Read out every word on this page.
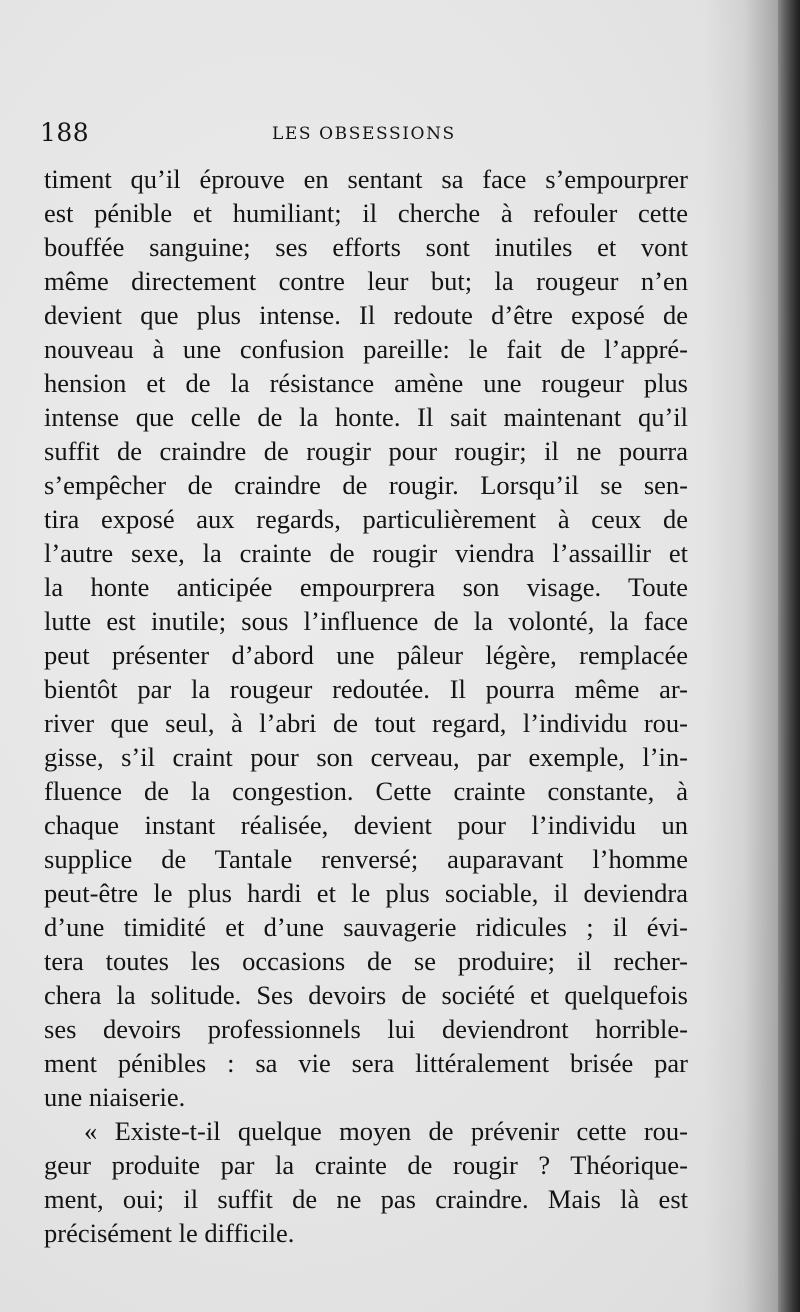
188	LES OBSESSIONS
timent qu’il éprouve en sentant sa face s’empourprer
est pénible et humiliant; il cherche à refouler cette
bouffée sanguine; ses efforts sont inutiles et vont
même directement contre leur but; la rougeur n’en
devient que plus intense. Il redoute d’être exposé de
nouveau à une confusion pareille: le fait de l’appré-
hension et de la résistance amène une rougeur plus
intense que celle de la honte. Il sait maintenant qu’il
suffit de craindre de rougir pour rougir; il ne pourra
s’empêcher de craindre de rougir. Lorsqu’il se sen-
tira exposé aux regards, particulièrement à ceux de
l’autre sexe, la crainte de rougir viendra l’assaillir et
la honte anticipée empourprera son visage. Toute
lutte est inutile; sous l’influence de la volonté, la face
peut présenter d’abord une pâleur légère, remplacée
bientôt par la rougeur redoutée. Il pourra même ar-
river que seul, à l’abri de tout regard, l’individu rou-
gisse, s’il craint pour son cerveau, par exemple, l’in-
fluence de la congestion. Cette crainte constante, à
chaque instant réalisée, devient pour l’individu un
supplice de Tantale renversé; auparavant l’homme
peut-être le plus hardi et le plus sociable, il deviendra
d’une timidité et d’une sauvagerie ridicules ; il évi-
tera toutes les occasions de se produire; il recher-
chera la solitude. Ses devoirs de société et quelquefois
ses devoirs professionnels lui deviendront horrible-
ment pénibles : sa vie sera littéralement brisée par
une niaiserie.
« Existe-t-il quelque moyen de prévenir cette rou-
geur produite par la crainte de rougir ? Théorique-
ment, oui; il suffit de ne pas craindre. Mais là est
précisément le difficile.
